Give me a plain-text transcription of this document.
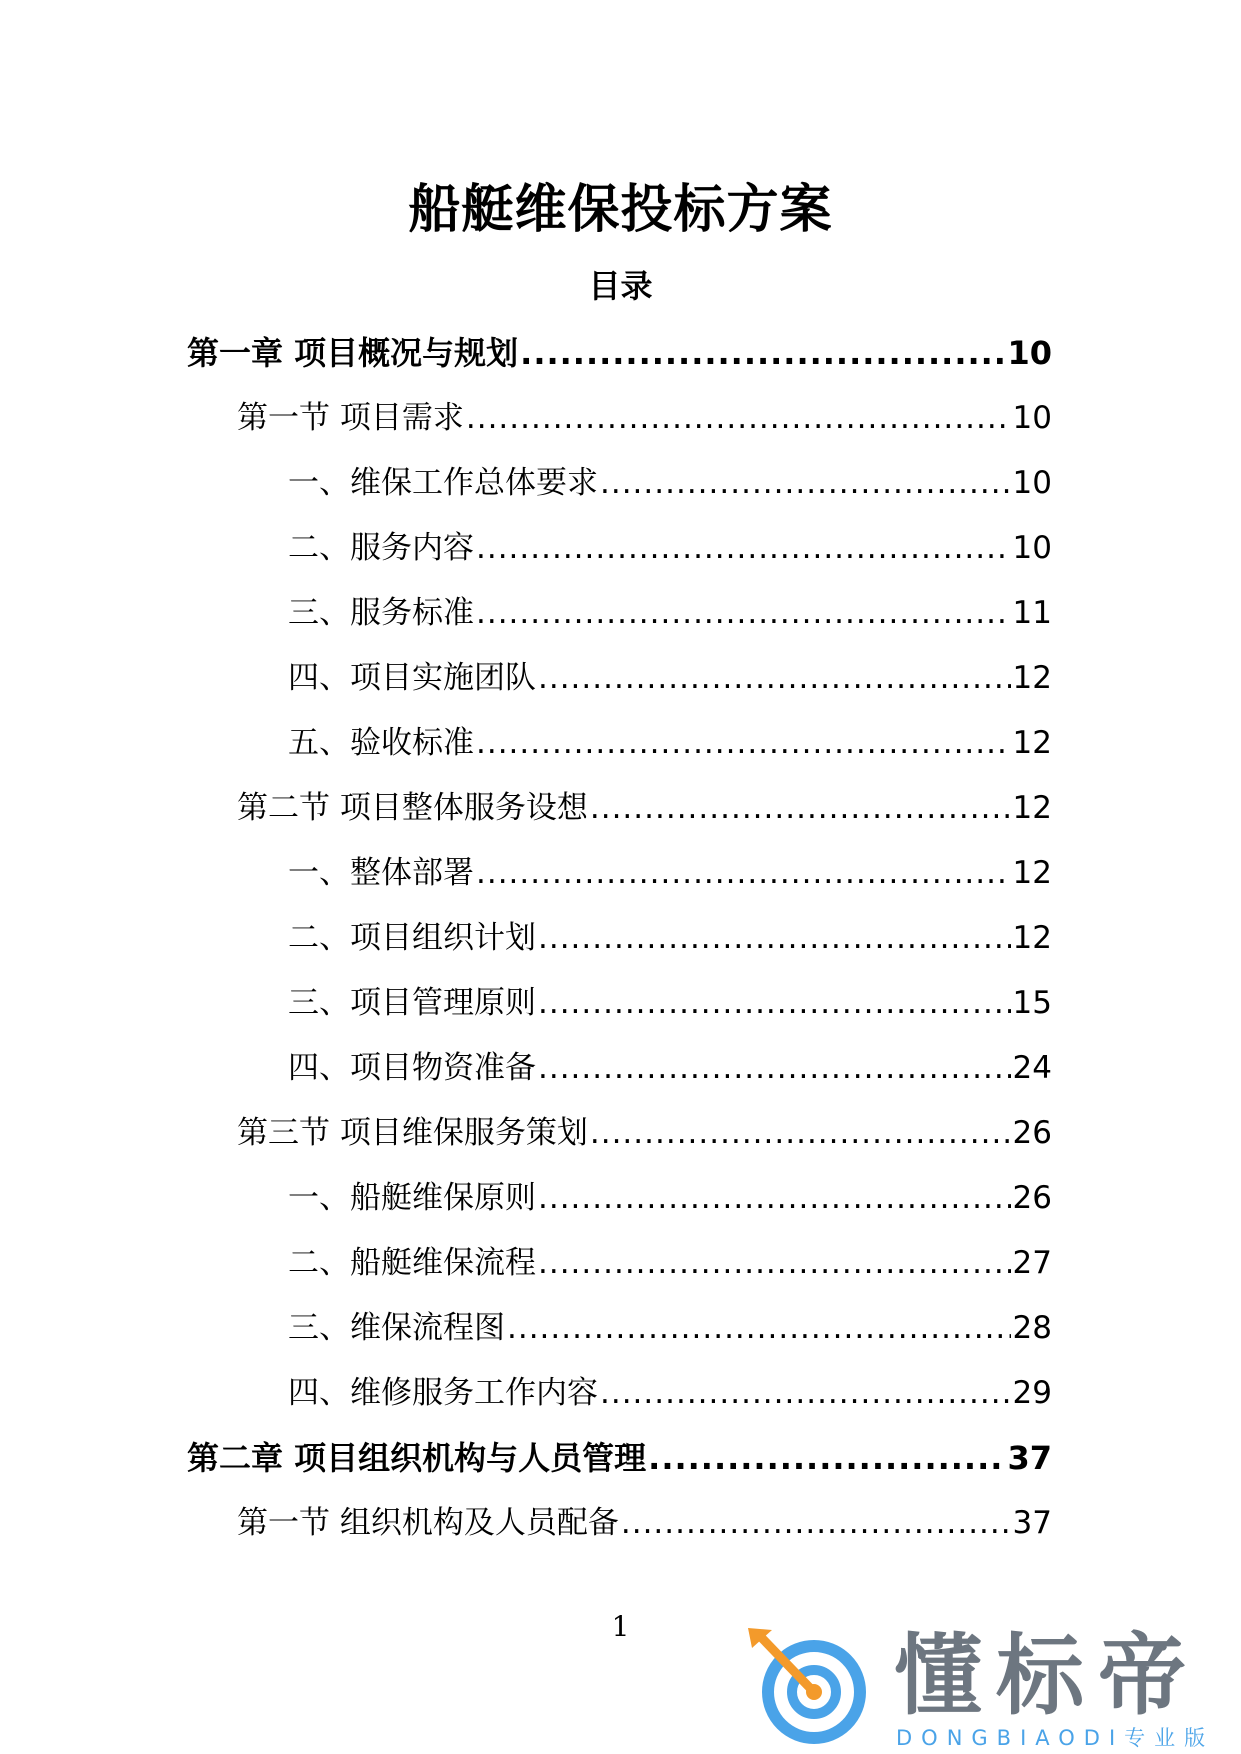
船艇维保投标方案
目录
第一章 项目概况与规划 .....	10
第一节 项目需求 .....	10
一、维保工作总体要求 .....	10
二、服务内容 .....	10
三、服务标准 .....	11
四、项目实施团队 .....	12
五、验收标准 .....	12
第二节 项目整体服务设想 .....	12
一、整体部署 .....	12
二、项目组织计划 .....	12
三、项目管理原则 .....	15
四、项目物资准备 .....	24
第三节 项目维保服务策划 .....	26
一、船艇维保原则 .....	26
二、船艇维保流程 .....	27
三、维保流程图 .....	28
四、维修服务工作内容 .....	29
第二章 项目组织机构与人员管理 .....	37
第一节 组织机构及人员配备 .....	37
1	懂标帝
DONGBIAODI专业版
